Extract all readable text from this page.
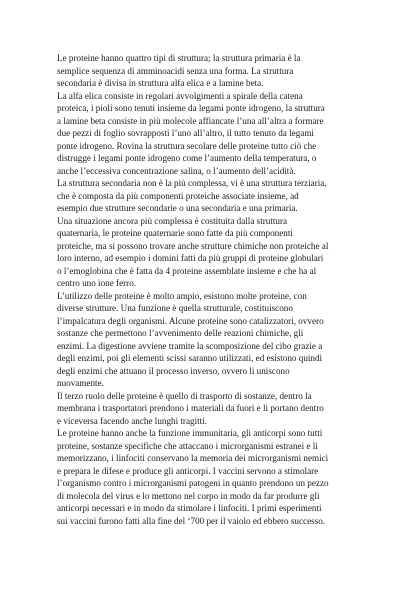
Le proteine hanno quattro tipi di struttura; la struttura primaria è la
semplice sequenza di amminoacidi senza una forma. La struttura
secondaria è divisa in struttura alfa elica e a lamine beta.
La alfa elica consiste in regolari avvolgimenti a spirale della catena
proteica, i pioli sono tenuti insieme da legami ponte idrogeno, la struttura
a lamine beta consiste in più molecole affiancate l’una all’altra a formare
due pezzi di foglio sovrapposti l’uno all’altro, il tutto tenuto da legami
ponte idrogeno. Rovina la struttura secolare delle proteine tutto ciò che
distrugge i legami ponte idrogeno come l’aumento della temperatura, o
anche l’eccessiva concentrazione salina, o l’aumento dell’acidità.
La struttura secondaria non è la più complessa, vi è una struttura terziaria,
che è composta da più componenti proteiche associate insieme, ad
esempio due strutture secondarie o una secondaria e una primaria.
Una situazione ancora più complessa è costituita dalla struttura
quaternaria, le proteine quaternarie sono fatte da più componenti
proteiche, ma si possono trovare anche strutture chimiche non proteiche al
loro interno, ad esempio i domini fatti da più gruppi di proteine globulari
o l’emoglobina che è fatta da 4 proteine assemblate insieme e che ha al
centro uno ione ferro.
L’utilizzo delle proteine è molto ampio, esistono molte proteine, con
diverse strutture. Una funzione è quella strutturale, costituiscono
l’impalcatura degli organismi. Alcune proteine sono catalizzatori, ovvero
sostanze che permettono l’avvenimento delle reazioni chimiche, gli
enzimi. La digestione avviene tramite la scomposizione del cibo grazie a
degli enzimi, poi gli elementi scissi saranno utilizzati, ed esistono quindi
degli enzimi che attuano il processo inverso, ovvero li uniscono
nuovamente.
Il terzo ruolo delle proteine è quello di trasporto di sostanze, dentro la
membrana i trasportatori prendono i materiali da fuori e li portano dentro
e viceversa facendo anche lunghi tragitti.
Le proteine hanno anche la funzione immunitaria, gli anticorpi sono tutti
proteine, sostanze specifiche che attaccano i microrganismi estranei e li
memorizzano, i linfociti conservano la memoria dei microrganismi nemici
e prepara le difese e produce gli anticorpi. I vaccini servono a stimolare
l’organismo contro i microrganismi patogeni in quanto prendono un pezzo
di molecola del virus e lo mettono nel corpo in modo da far produrre gli
anticorpi necessari e in modo da stimolare i linfociti. I primi esperimenti
sui vaccini furono fatti alla fine del ‘700 per il vaiolo ed ebbero successo.
